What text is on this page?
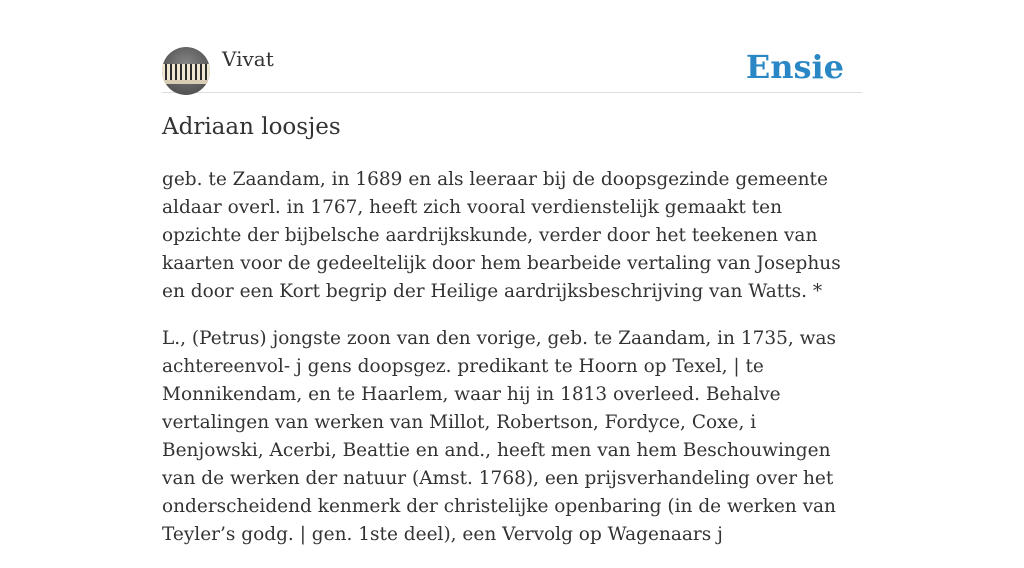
Vivat	Ensie
Adriaan loosjes

geb. te Zaandam, in 1689 en als leeraar bij de doopsgezinde gemeente aldaar overl. in 1767, heeft zich vooral verdienstelijk gemaakt ten opzichte der bijbelsche aardrijkskunde, verder door het teekenen van kaarten voor de gedeeltelijk door hem bearbeide vertaling van Josephus en door een Kort begrip der Heilige aardrijksbeschrijving van Watts. *

L., (Petrus) jongste zoon van den vorige, geb. te Zaandam, in 1735, was achtereenvol- j gens doopsgez. predikant te Hoorn op Texel, | te Monnikendam, en te Haarlem, waar hij in 1813 overleed. Behalve vertalingen van werken van Millot, Robertson, Fordyce, Coxe, i Benjowski, Acerbi, Beattie en and., heeft men van hem Beschouwingen van de werken der natuur (Amst. 1768), een prijsverhandeling over het onderscheidend kenmerk der christelijke openbaring (in de werken van Teyler’s godg. | gen. 1ste deel), een Vervolg op Wagenaars j
